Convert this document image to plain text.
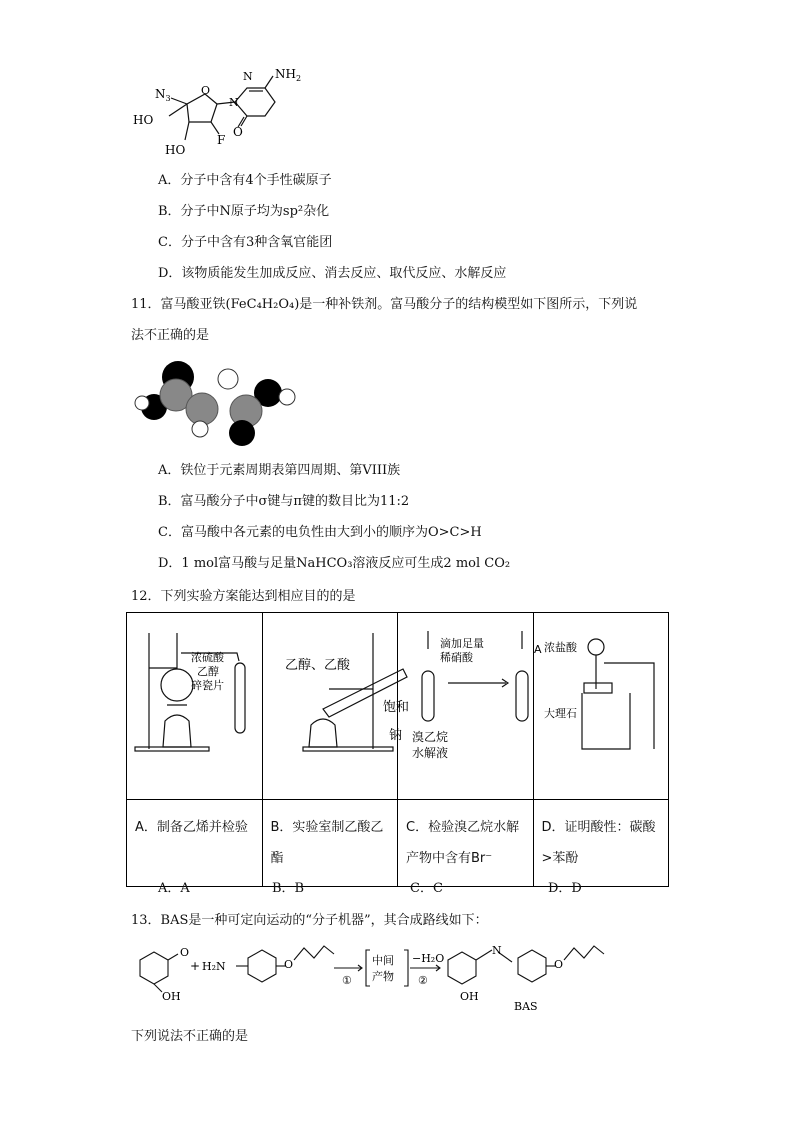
$NH_2$
N
N
O
O
$N_3$
HO
HO
F
A．分子中含有4个手性碳原子
B．分子中N原子均为sp²杂化
C．分子中含有3种含氧官能团
D．该物质能发生加成反应、消去反应、取代反应、水解反应
11．富马酸亚铁(FeC₄H₂O₄)是一种补铁剂。富马酸分子的结构模型如下图所示，下列说
法不正确的是
A．铁位于元素周期表第四周期、第VIII族
B．富马酸分子中σ键与π键的数目比为11:2
C．富马酸中各元素的电负性由大到小的顺序为O>C>H
D．1 mol富马酸与足量NaHCO₃溶液反应可生成2 mol CO₂
12．下列实验方案能达到相应目的的是
浓硫酸
乙醇
碎瓷片	乙醇、乙酸
饱和
钠	滴加足量
稀硝酸
A
溴乙烷
水解液	浓盐酸
大理石

A．制备乙烯并检验	B．实验室制乙酸乙酯	C．检验溴乙烷水解产物中含有Br⁻	D．证明酸性：碳酸>苯酚
A．A	B．B	C．C	D．D
13．BAS是一种可定向运动的“分子机器”，其合成路线如下：
O
OH
+ H₂N	O
①
中间
产物
−H₂O
②
OH
N
O
BAS
下列说法不正确的是
